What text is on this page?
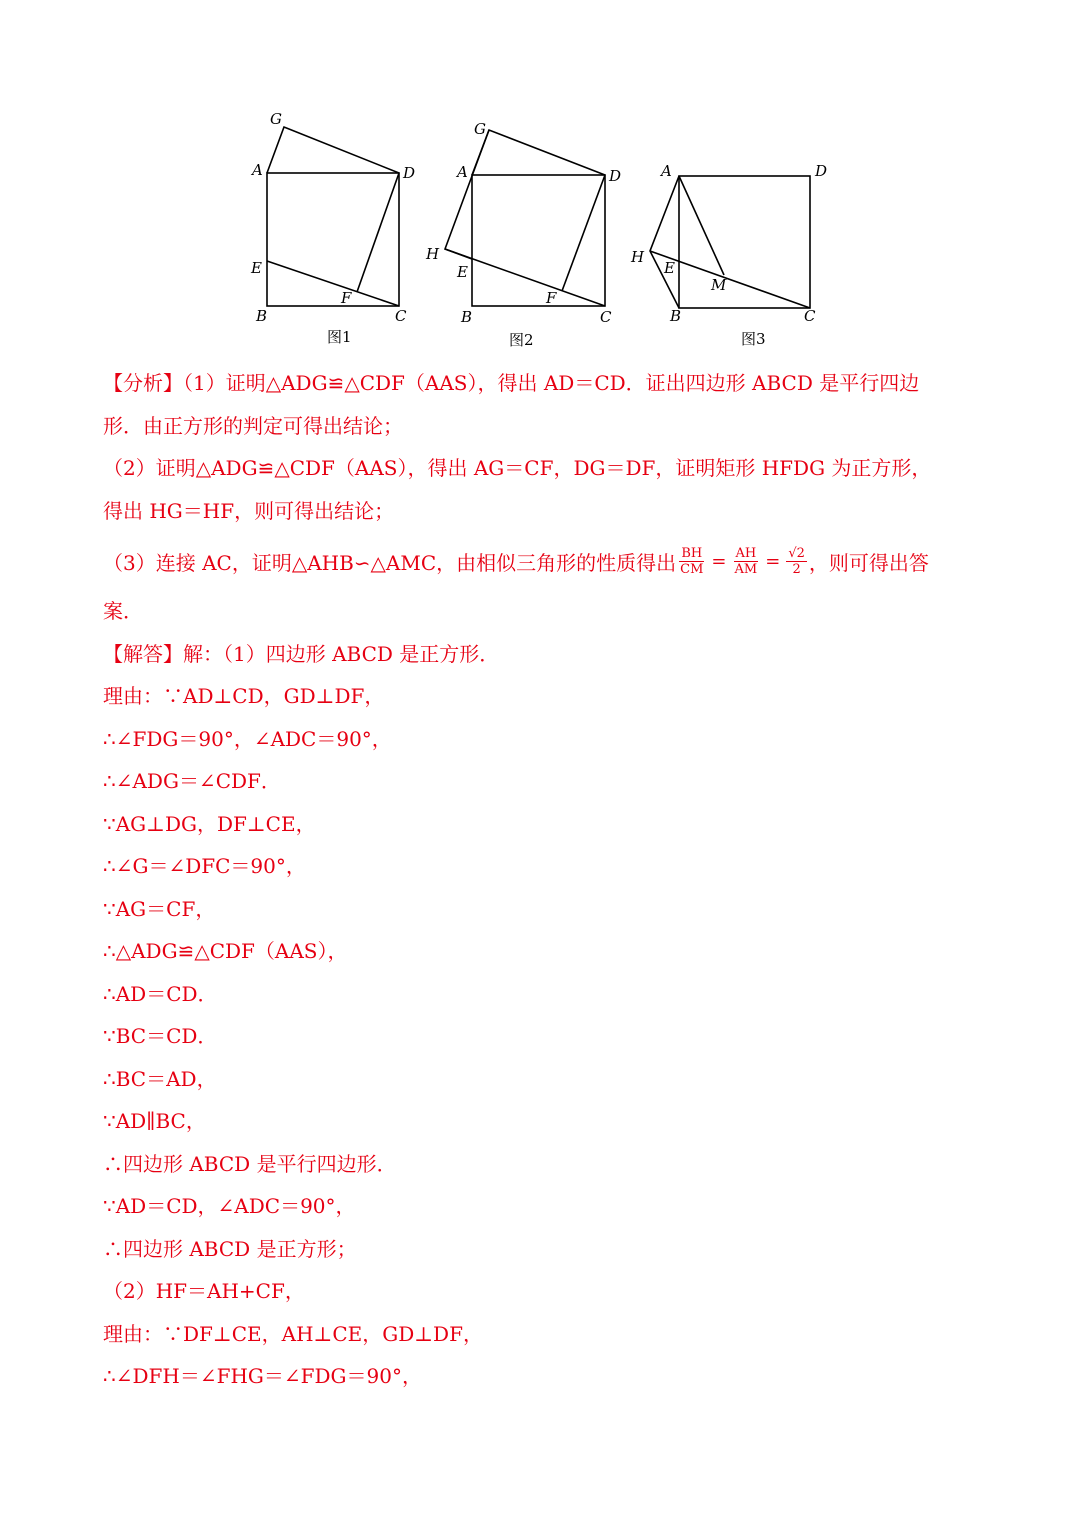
G
A	D
E
F
B	C
图1
G
A	D
H
E
F
B	C
图2
A	D
H
E
M
B	C
图3
【分析】（1）证明△ADG≌△CDF（AAS），得出 AD＝CD．证出四边形 ABCD 是平行四边
形．由正方形的判定可得出结论；
（2）证明△ADG≌△CDF（AAS），得出 AG＝CF，DG＝DF，证明矩形 HFDG 为正方形，
得出 HG＝HF，则可得出结论；
（3）连接 AC，证明△AHB∽△AMC，由相似三角形的性质得出 $\frac{BH}{CM} = \frac{AH}{AM} = \frac{√2}{2}$ ，则可得出答
案．
【解答】解：（1）四边形 ABCD 是正方形．
理由：∵AD⊥CD，GD⊥DF，
∴∠FDG＝90°，∠ADC＝90°，
∴∠ADG＝∠CDF．
∵AG⊥DG，DF⊥CE，
∴∠G＝∠DFC＝90°，
∵AG＝CF，
∴△ADG≌△CDF（AAS），
∴AD＝CD．
∵BC＝CD．
∴BC＝AD，
∵AD∥BC，
∴四边形 ABCD 是平行四边形．
∵AD＝CD，∠ADC＝90°，
∴四边形 ABCD 是正方形；
（2）HF＝AH+CF，
理由：∵DF⊥CE，AH⊥CE，GD⊥DF，
∴∠DFH＝∠FHG＝∠FDG＝90°，
